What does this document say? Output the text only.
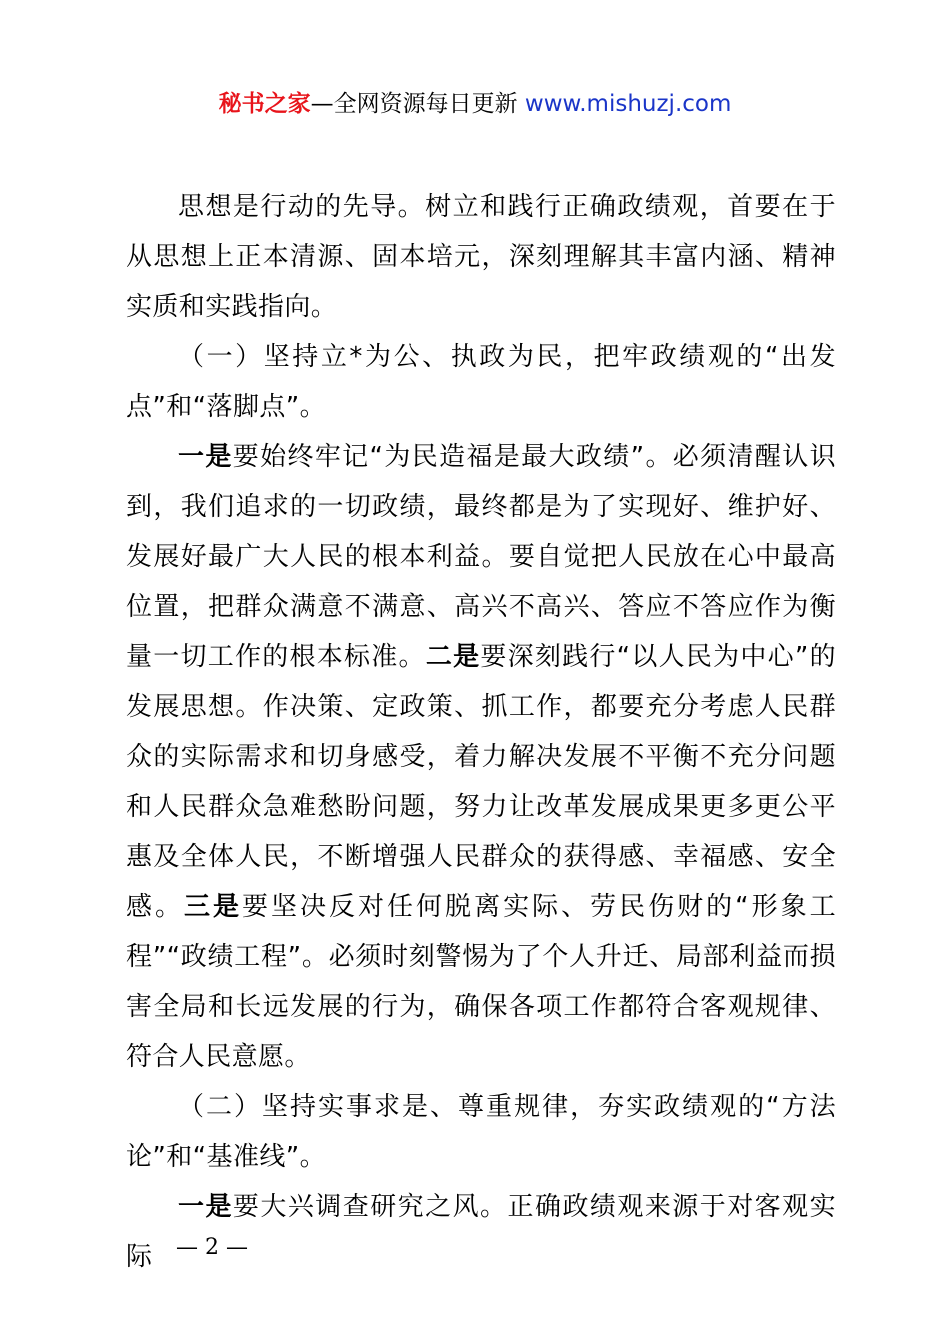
秘书之家—全网资源每日更新 www.mishuzj.com

思想是行动的先导。树立和践行正确政绩观，首要在于从思想上正本清源、固本培元，深刻理解其丰富内涵、精神实质和实践指向。

（一）坚持立*为公、执政为民，把牢政绩观的“出发点”和“落脚点”。

一是要始终牢记“为民造福是最大政绩”。必须清醒认识到，我们追求的一切政绩，最终都是为了实现好、维护好、发展好最广大人民的根本利益。要自觉把人民放在心中最高位置，把群众满意不满意、高兴不高兴、答应不答应作为衡量一切工作的根本标准。二是要深刻践行“以人民为中心”的发展思想。作决策、定政策、抓工作，都要充分考虑人民群众的实际需求和切身感受，着力解决发展不平衡不充分问题和人民群众急难愁盼问题，努力让改革发展成果更多更公平惠及全体人民，不断增强人民群众的获得感、幸福感、安全感。三是要坚决反对任何脱离实际、劳民伤财的“形象工程”“政绩工程”。必须时刻警惕为了个人升迁、局部利益而损害全局和长远发展的行为，确保各项工作都符合客观规律、符合人民意愿。

（二）坚持实事求是、尊重规律，夯实政绩观的“方法论”和“基准线”。

一是要大兴调查研究之风。正确政绩观来源于对客观实际	— 2 —
